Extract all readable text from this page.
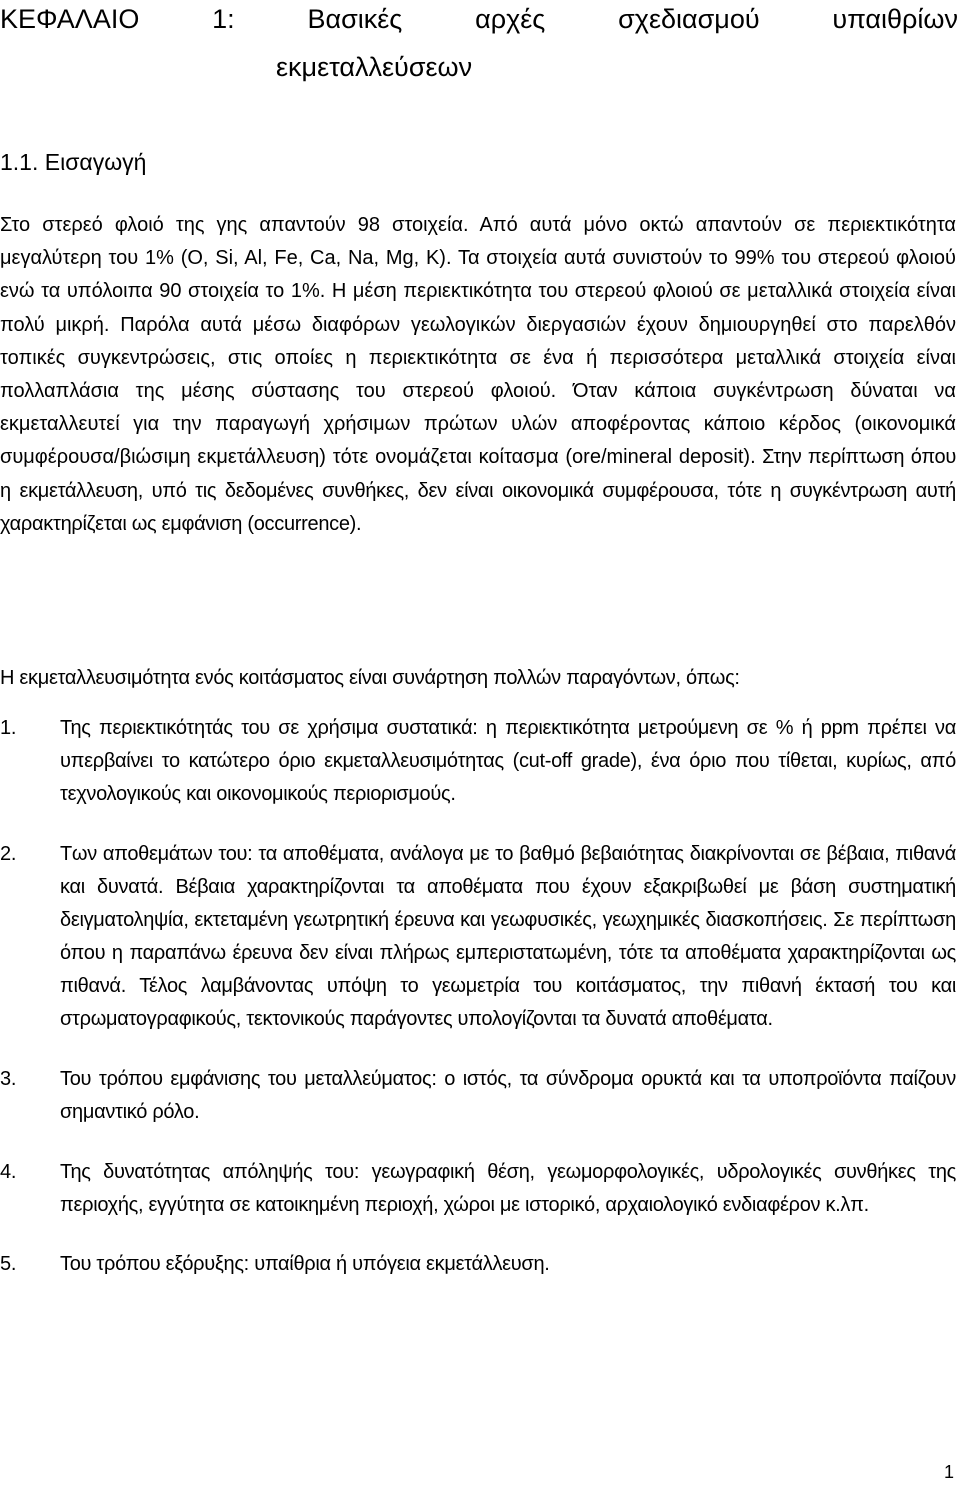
ΚΕΦΑΛΑΙΟ	1:	Βασικές	αρχές	σχεδιασμού	υπαιθρίων
εκμεταλλεύσεων
1.1. Εισαγωγή

Στο στερεό φλοιό της γης απαντούν 98 στοιχεία. Από αυτά μόνο οκτώ απαντούν σε περιεκτικότητα μεγαλύτερη του 1% (O, Si, Al, Fe, Ca, Na, Mg, K). Τα στοιχεία αυτά συνιστούν το 99% του στερεού φλοιού ενώ τα υπόλοιπα 90 στοιχεία το 1%. Η μέση περιεκτικότητα του στερεού φλοιού σε μεταλλικά στοιχεία είναι πολύ μικρή. Παρόλα αυτά μέσω διαφόρων γεωλογικών διεργασιών έχουν δημιουργηθεί στο παρελθόν τοπικές συγκεντρώσεις, στις οποίες η περιεκτικότητα σε ένα ή περισσότερα μεταλλικά στοιχεία είναι πολλαπλάσια της μέσης σύστασης του στερεού φλοιού. Όταν κάποια συγκέντρωση δύναται να εκμεταλλευτεί για την παραγωγή χρήσιμων πρώτων υλών αποφέροντας κάποιο κέρδος (οικονομικά συμφέρουσα/βιώσιμη εκμετάλλευση) τότε ονομάζεται κοίτασμα (ore/mineral deposit). Στην περίπτωση όπου η εκμετάλλευση, υπό τις δεδομένες συνθήκες, δεν είναι οικονομικά συμφέρουσα, τότε η συγκέντρωση αυτή χαρακτηρίζεται ως εμφάνιση (occurrence).

Η εκμεταλλευσιμότητα ενός κοιτάσματος είναι συνάρτηση πολλών παραγόντων, όπως:

1.	Της περιεκτικότητάς του σε χρήσιμα συστατικά: η περιεκτικότητα μετρούμενη σε % ή ppm πρέπει να υπερβαίνει το κατώτερο όριο εκμεταλλευσιμότητας (cut-off grade), ένα όριο που τίθεται, κυρίως, από τεχνολογικούς και οικονομικούς περιορισμούς.
2.	Των αποθεμάτων του: τα αποθέματα, ανάλογα με το βαθμό βεβαιότητας διακρίνονται σε βέβαια, πιθανά και δυνατά. Βέβαια χαρακτηρίζονται τα αποθέματα που έχουν εξακριβωθεί με βάση συστηματική δειγματοληψία, εκτεταμένη γεωτρητική έρευνα και γεωφυσικές, γεωχημικές διασκοπήσεις. Σε περίπτωση όπου η παραπάνω έρευνα δεν είναι πλήρως εμπεριστατωμένη, τότε τα αποθέματα χαρακτηρίζονται ως πιθανά. Τέλος λαμβάνοντας υπόψη το γεωμετρία του κοιτάσματος, την πιθανή έκτασή του και στρωματογραφικούς, τεκτονικούς παράγοντες υπολογίζονται τα δυνατά αποθέματα.
3.	Του τρόπου εμφάνισης του μεταλλεύματος: ο ιστός, τα σύνδρομα ορυκτά και τα υποπροϊόντα παίζουν σημαντικό ρόλο.
4.	Της δυνατότητας απόληψής του: γεωγραφική θέση, γεωμορφολογικές, υδρολογικές συνθήκες της περιοχής, εγγύτητα σε κατοικημένη περιοχή, χώροι με ιστορικό, αρχαιολογικό ενδιαφέρον κ.λπ.
5.	Του τρόπου εξόρυξης: υπαίθρια ή υπόγεια εκμετάλλευση.
1
